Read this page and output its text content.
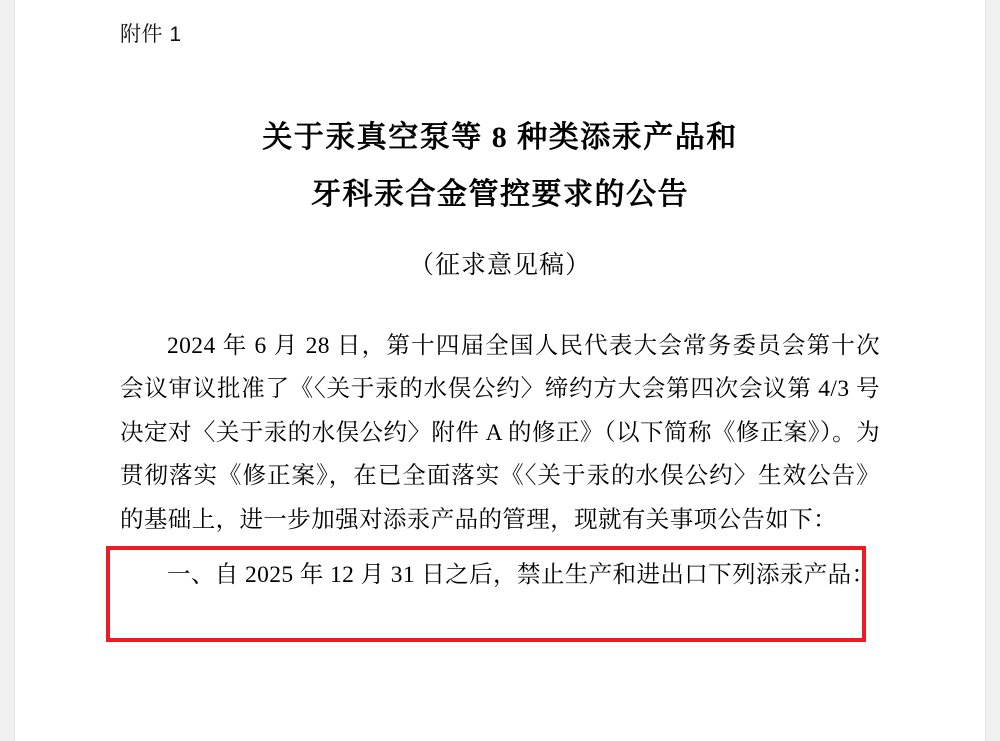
附件 1
关于汞真空泵等 8 种类添汞产品和
牙科汞合金管控要求的公告
（征求意见稿）

2024 年 6 月 28 日，第十四届全国人民代表大会常务委员会第十次会议审议批准了《〈关于汞的水俣公约〉缔约方大会第四次会议第 4/3 号决定对〈关于汞的水俣公约〉附件 A 的修正》（以下简称《修正案》）。为贯彻落实《修正案》，在已全面落实《〈关于汞的水俣公约〉生效公告》的基础上，进一步加强对添汞产品的管理，现就有关事项公告如下：

一、自 2025 年 12 月 31 日之后，禁止生产和进出口下列添汞产品：
